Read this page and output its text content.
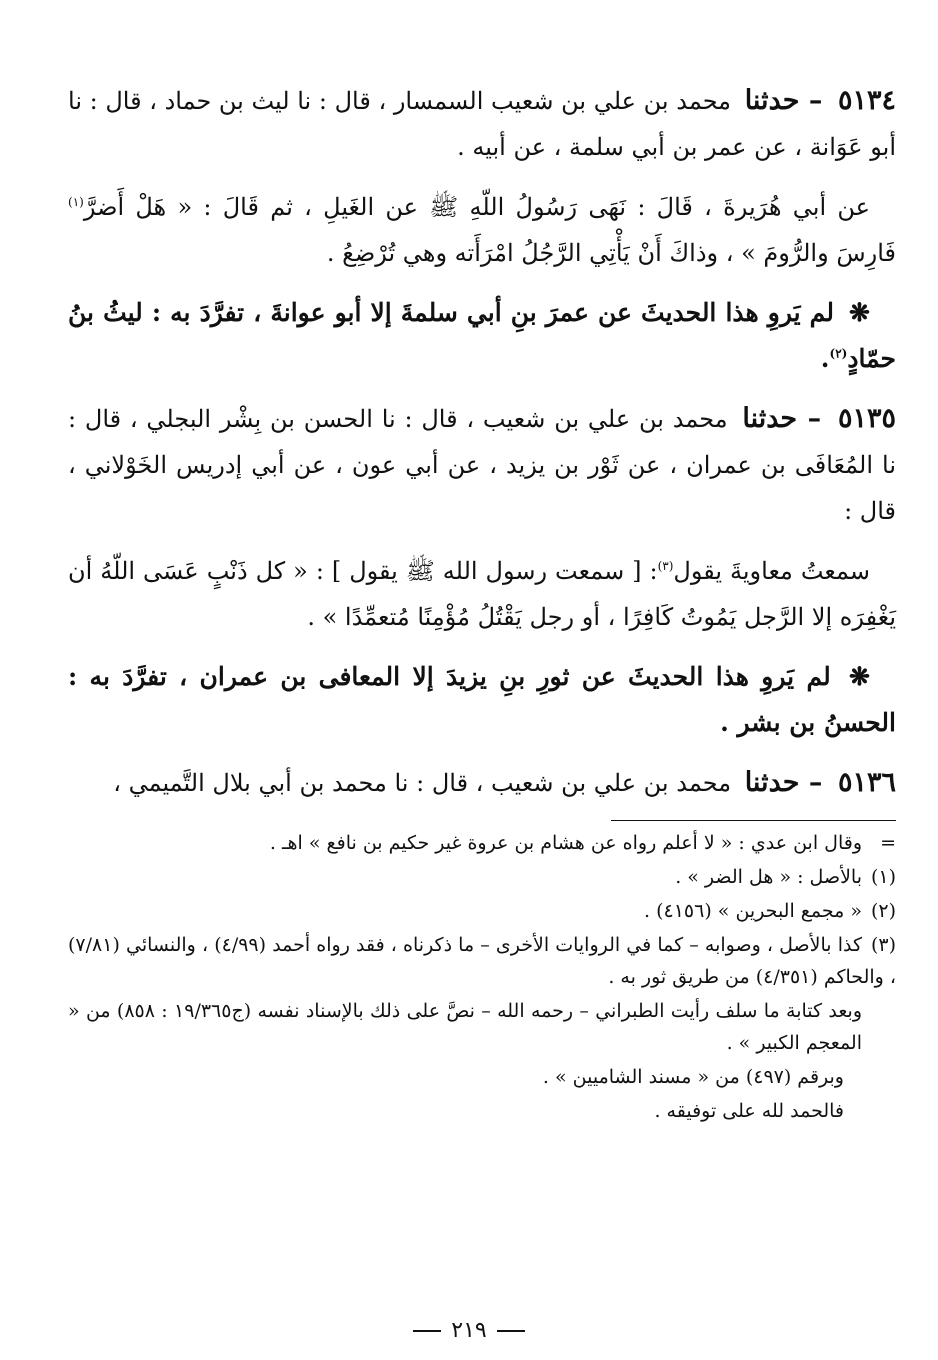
٥١٣٤ – حدثنا محمد بن علي بن شعيب السمسار ، قال : نا ليث بن حماد ، قال : نا أبو عَوَانة ، عن عمر بن أبي سلمة ، عن أبيه .

عن أبي هُرَيرةَ ، قَالَ : نَهَى رَسُولُ اللّهِ ﷺ عن الغَيلِ ، ثم قَالَ : « هَلْ أَضرَّ$^{(١)}$ فَارِسَ والرُّومَ » ، وذاكَ أَنْ يَأْتِي الرَّجُلُ امْرَأَته وهي تُرْضِعُ .

❋ لم يَروِ هذا الحديثَ عن عمرَ بنِ أبي سلمةَ إلا أبو عوانةَ ، تفرَّدَ به : ليثُ بنُ حمّادٍ$^{(٢)}$.

٥١٣٥ – حدثنا محمد بن علي بن شعيب ، قال : نا الحسن بن بِشْر البجلي ، قال : نا المُعَافَى بن عمران ، عن ثَوْر بن يزيد ، عن أبي عون ، عن أبي إدريس الخَوْلاني ، قال :

سمعتُ معاويةَ يقول$^{(٣)}$: [ سمعت رسول الله ﷺ يقول ] : « كل ذَنْبٍ عَسَى اللّهُ أن يَغْفِرَه إلا الرَّجل يَمُوتُ كَافِرًا ، أو رجل يَقْتُلُ مُؤْمِنًا مُتعمِّدًا » .

❋ لم يَروِ هذا الحديثَ عن ثورِ بنِ يزيدَ إلا المعافى بن عمران ، تفرَّدَ به : الحسنُ بن بشر .

٥١٣٦ – حدثنا محمد بن علي بن شعيب ، قال : نا محمد بن أبي بلال التَّميمي ،

=وقال ابن عدي : « لا أعلم رواه عن هشام بن عروة غير حكيم بن نافع » اهـ .

(١)بالأصل : « هل الضر » .

(٢)« مجمع البحرين » (٤١٥٦) .

(٣)كذا بالأصل ، وصوابه – كما في الروايات الأخرى – ما ذكرناه ، فقد رواه أحمد (٤/٩٩) ، والنسائي (٧/٨١) ، والحاكم (٤/٣٥١) من طريق ثور به .

وبعد كتابة ما سلف رأيت الطبراني – رحمه الله – نصَّ على ذلك بالإسناد نفسه (ج١٩/٣٦٥ : ٨٥٨) من « المعجم الكبير » .

وبرقم (٤٩٧) من « مسند الشاميين » .

فالحمد لله على توفيقه .

٢١٩
